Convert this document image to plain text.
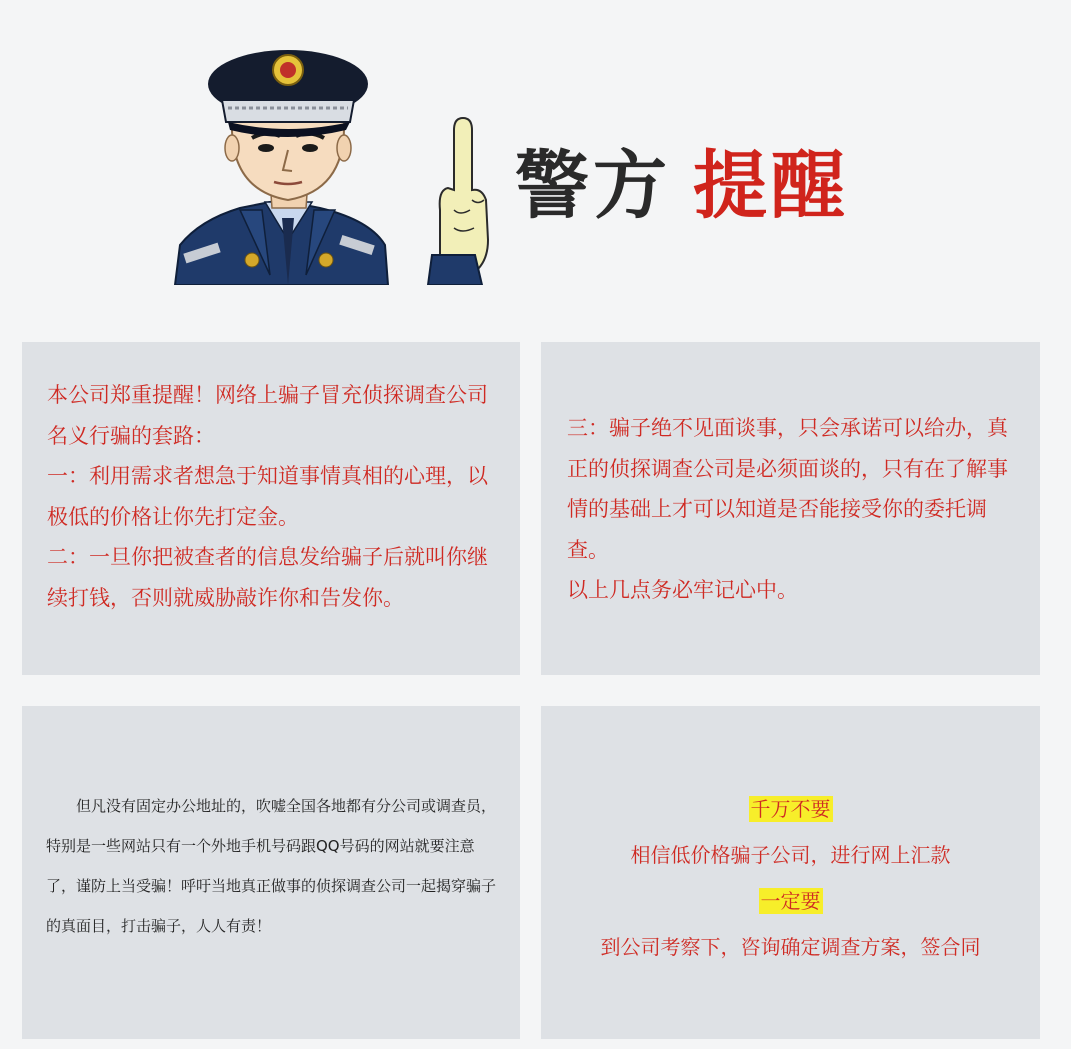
警方 提醒

本公司郑重提醒！网络上骗子冒充侦探调查公司名义行骗的套路：

一：利用需求者想急于知道事情真相的心理，以极低的价格让你先打定金。

二：一旦你把被查者的信息发给骗子后就叫你继续打钱，否则就威胁敲诈你和告发你。

三：骗子绝不见面谈事，只会承诺可以给办，真正的侦探调查公司是必须面谈的，只有在了解事情的基础上才可以知道是否能接受你的委托调查。

以上几点务必牢记心中。

但凡没有固定办公地址的，吹嘘全国各地都有分公司或调查员，特别是一些网站只有一个外地手机号码跟QQ号码的网站就要注意了，谨防上当受骗！呼吁当地真正做事的侦探调查公司一起揭穿骗子的真面目，打击骗子，人人有责！

千万不要
相信低价格骗子公司，进行网上汇款
一定要
到公司考察下，咨询确定调查方案，签合同
